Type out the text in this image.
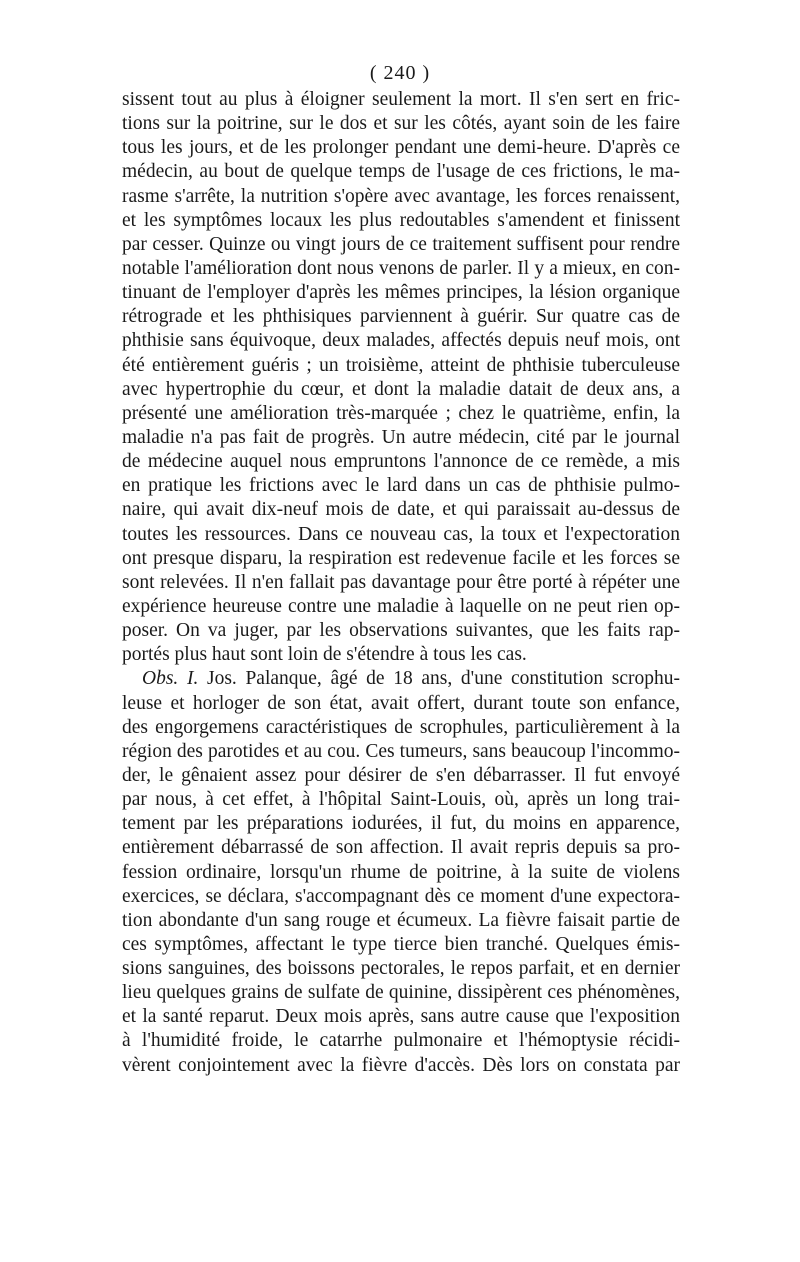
( 240 )
sissent tout au plus à éloigner seulement la mort. Il s'en sert en fric-
tions sur la poitrine, sur le dos et sur les côtés, ayant soin de les faire
tous les jours, et de les prolonger pendant une demi-heure. D'après ce
médecin, au bout de quelque temps de l'usage de ces frictions, le ma-
rasme s'arrête, la nutrition s'opère avec avantage, les forces renaissent,
et les symptômes locaux les plus redoutables s'amendent et finissent
par cesser. Quinze ou vingt jours de ce traitement suffisent pour rendre
notable l'amélioration dont nous venons de parler. Il y a mieux, en con-
tinuant de l'employer d'après les mêmes principes, la lésion organique
rétrograde et les phthisiques parviennent à guérir. Sur quatre cas de
phthisie sans équivoque, deux malades, affectés depuis neuf mois, ont
été entièrement guéris ; un troisième, atteint de phthisie tuberculeuse
avec hypertrophie du cœur, et dont la maladie datait de deux ans, a
présenté une amélioration très-marquée ; chez le quatrième, enfin, la
maladie n'a pas fait de progrès. Un autre médecin, cité par le journal
de médecine auquel nous empruntons l'annonce de ce remède, a mis
en pratique les frictions avec le lard dans un cas de phthisie pulmo-
naire, qui avait dix-neuf mois de date, et qui paraissait au-dessus de
toutes les ressources. Dans ce nouveau cas, la toux et l'expectoration
ont presque disparu, la respiration est redevenue facile et les forces se
sont relevées. Il n'en fallait pas davantage pour être porté à répéter une
expérience heureuse contre une maladie à laquelle on ne peut rien op-
poser. On va juger, par les observations suivantes, que les faits rap-
portés plus haut sont loin de s'étendre à tous les cas.
Obs. I. Jos. Palanque, âgé de 18 ans, d'une constitution scrophu-
leuse et horloger de son état, avait offert, durant toute son enfance,
des engorgemens caractéristiques de scrophules, particulièrement à la
région des parotides et au cou. Ces tumeurs, sans beaucoup l'incommo-
der, le gênaient assez pour désirer de s'en débarrasser. Il fut envoyé
par nous, à cet effet, à l'hôpital Saint-Louis, où, après un long trai-
tement par les préparations iodurées, il fut, du moins en apparence,
entièrement débarrassé de son affection. Il avait repris depuis sa pro-
fession ordinaire, lorsqu'un rhume de poitrine, à la suite de violens
exercices, se déclara, s'accompagnant dès ce moment d'une expectora-
tion abondante d'un sang rouge et écumeux. La fièvre faisait partie de
ces symptômes, affectant le type tierce bien tranché. Quelques émis-
sions sanguines, des boissons pectorales, le repos parfait, et en dernier
lieu quelques grains de sulfate de quinine, dissipèrent ces phénomènes,
et la santé reparut. Deux mois après, sans autre cause que l'exposition
à l'humidité froide, le catarrhe pulmonaire et l'hémoptysie récidi-
vèrent conjointement avec la fièvre d'accès. Dès lors on constata par
